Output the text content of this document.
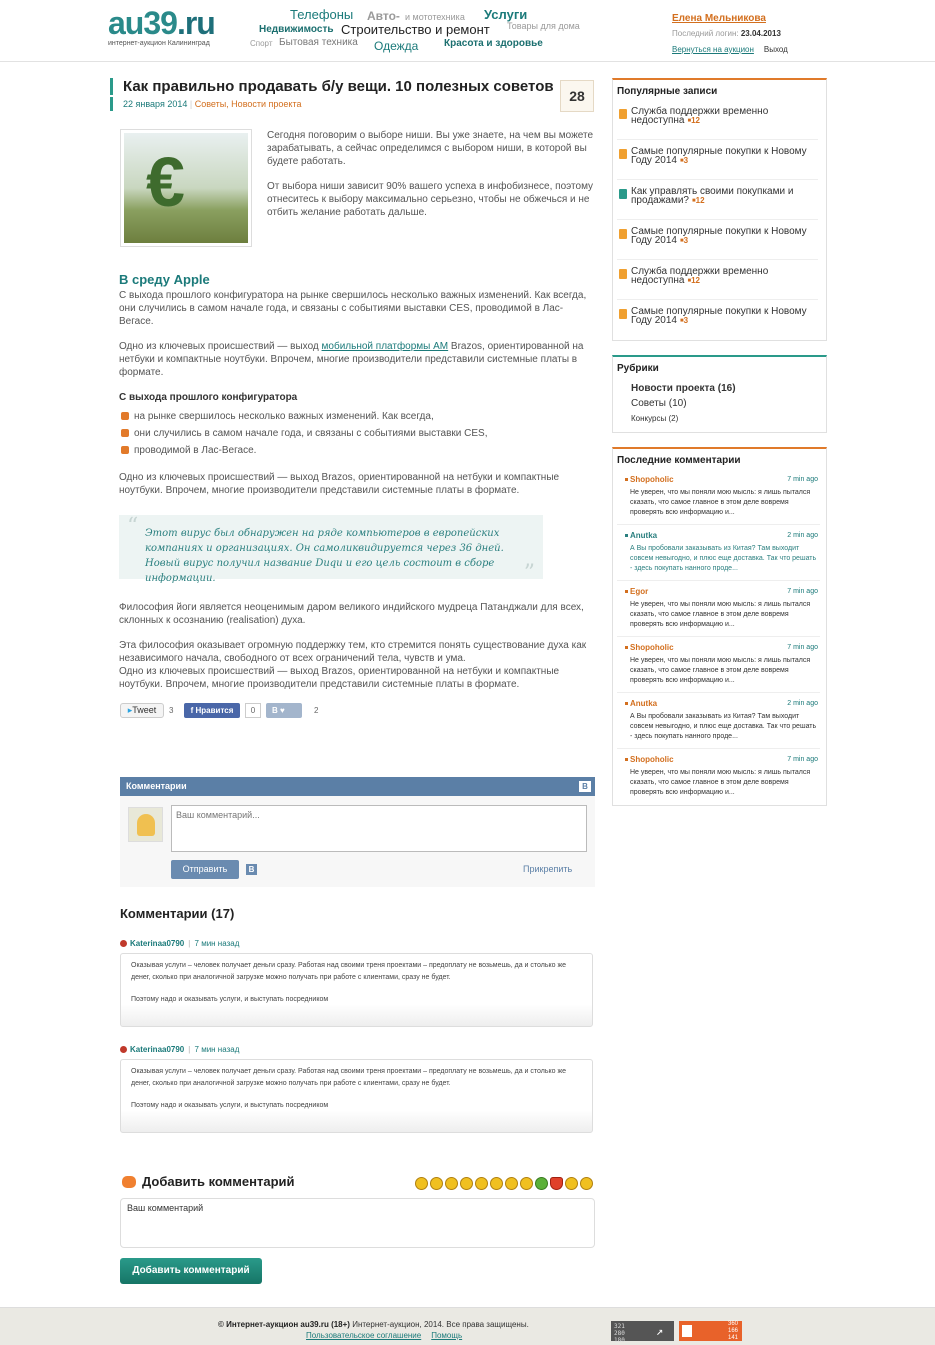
au39.ru
интернет-аукцион Калининград
Телефоны Авто- и мототехника Услуги
Недвижимость Строительство и ремонт Товары для дома
Спорт Бытовая техника Одежда	Красота и здоровье
Елена Мельникова
Последний логин: 23.04.2013
Вернуться на аукцион Выход
Как правильно продавать б/у вещи. 10 полезных советов
22 января 2014 | Советы, Новости проекта	28
€

Сегодня поговорим о выборе ниши. Вы уже знаете, на чем вы можете зарабатывать, а сейчас определимся с выбором ниши, в которой вы будете работать.

От выбора ниши зависит 90% вашего успеха в инфобизнесе, поэтому отнеситесь к выбору максимально серьезно, чтобы не обжечься и не отбить желание работать дальше.

В среду Apple

С выхода прошлого конфигуратора на рынке свершилось несколько важных изменений. Как всегда, они случились в самом начале года, и связаны с событиями выставки CES, проводимой в Лас-Вегасе.

Одно из ключевых происшествий — выход мобильной платформы AM Brazos, ориентированной на нетбуки и компактные ноутбуки. Впрочем, многие производители представили системные платы в формате.

С выхода прошлого конфигуратора
на рынке свершилось несколько важных изменений. Как всегда,
они случились в самом начале года, и связаны с событиями выставки CES,
проводимой в Лас-Вегасе.

Одно из ключевых происшествий — выход Brazos, ориентированной на нетбуки и компактные ноутбуки. Впрочем, многие производители представили системные платы в формате.

“ Этот вирус был обнаружен на ряде компьютеров в европейских компаниях и организациях. Он самоликвидируется через 36 дней. Новый вирус получил название Duqu и его цель состоит в сборе информации.	”

Философия йоги является неоценимым даром великого индийского мудреца Патанджали для всех, склонных к осознанию (realisation) духа.

Эта философия оказывает огромную поддержку тем, кто стремится понять существование духа как независимого начала, свободного от всех ограничений тела, чувств и ума.

Одно из ключевых происшествий — выход Brazos, ориентированной на нетбуки и компактные ноутбуки. Впрочем, многие производители представили системные платы в формате.

▸Tweet	3	f Нравится	0	В ♥	2
Комментарии	В
Ваш комментарий...
Отправить	В	Прикрепить
Комментарии (17)
Katerinaa0790 | 7 мин назад

Оказывая услуги – человек получает деньги сразу. Работая над своими треня проектами – предоплату не возьмешь, да и столько же денег, сколько при аналогичной загрузке можно получать при работе с клиентами, сразу не будет.

Поэтому надо и оказывать услуги, и выступать посредником

Katerinaa0790 | 7 мин назад

Оказывая услуги – человек получает деньги сразу. Работая над своими треня проектами – предоплату не возьмешь, да и столько же денег, сколько при аналогичной загрузке можно получать при работе с клиентами, сразу не будет.

Поэтому надо и оказывать услуги, и выступать посредником

Добавить комментарий
Ваш комментарий
Добавить комментарий
Популярные записи
Служба поддержки временно недоступна ■ 12
Самые популярные покупки к Новому Году 2014 ■ 3
Как управлять своими покупками и продажами? ■ 12
Самые популярные покупки к Новому Году 2014 ■ 3
Служба поддержки временно недоступна ■ 12
Самые популярные покупки к Новому Году 2014 ■ 3
Рубрики
Новости проекта (16)
Советы (10)
Конкурсы (2)
Последние комментарии
Shopoholic	7 min ago
Не уверен, что мы поняли мою мысль: я лишь пытался сказать, что самое главное в этом деле вовремя проверять всю информацию и...
Anutka	2 min ago
А Вы пробовали заказывать из Китая? Там выходит совсем невыгодно, и плюс еще доставка. Так что решать - здесь покупать нанного проде...
Egor	7 min ago
Не уверен, что мы поняли мою мысль: я лишь пытался сказать, что самое главное в этом деле вовремя проверять всю информацию и...
Shopoholic	7 min ago
Не уверен, что мы поняли мою мысль: я лишь пытался сказать, что самое главное в этом деле вовремя проверять всю информацию и...
Anutka	2 min ago
А Вы пробовали заказывать из Китая? Там выходит совсем невыгодно, и плюс еще доставка. Так что решать - здесь покупать нанного проде...
Shopoholic	7 min ago
Не уверен, что мы поняли мою мысль: я лишь пытался сказать, что самое главное в этом деле вовремя проверять всю информацию и...
© Интернет-аукцион au39.ru (18+) Интернет-аукцион, 2014. Все права защищены.
Пользовательское соглашение Помощь
321
280
180
↗	360
166
141
